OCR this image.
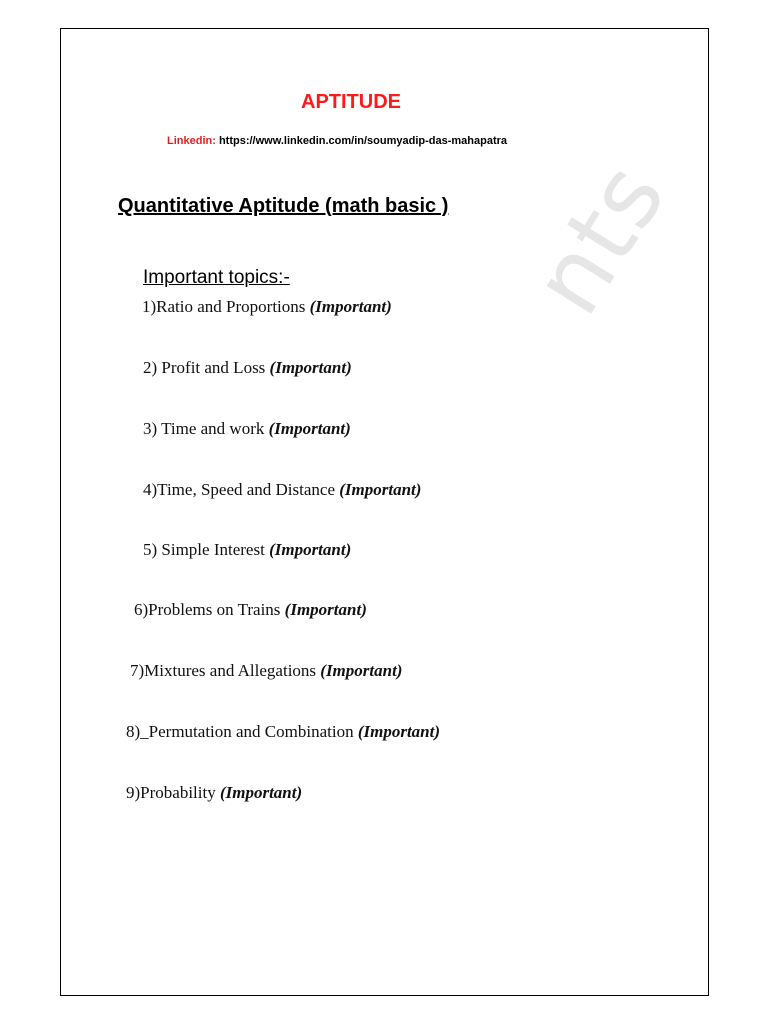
nts
APTITUDE
Linkedin: https://www.linkedin.com/in/soumyadip-das-mahapatra
Quantitative Aptitude (math basic )
Important topics:-
1)Ratio and Proportions (Important)
2) Profit and Loss (Important)
3) Time and work (Important)
4)Time, Speed and Distance (Important)
5) Simple Interest (Important)
6)Problems on Trains (Important)
7)Mixtures and Allegations (Important)
8)_Permutation and Combination (Important)
9)Probability (Important)
